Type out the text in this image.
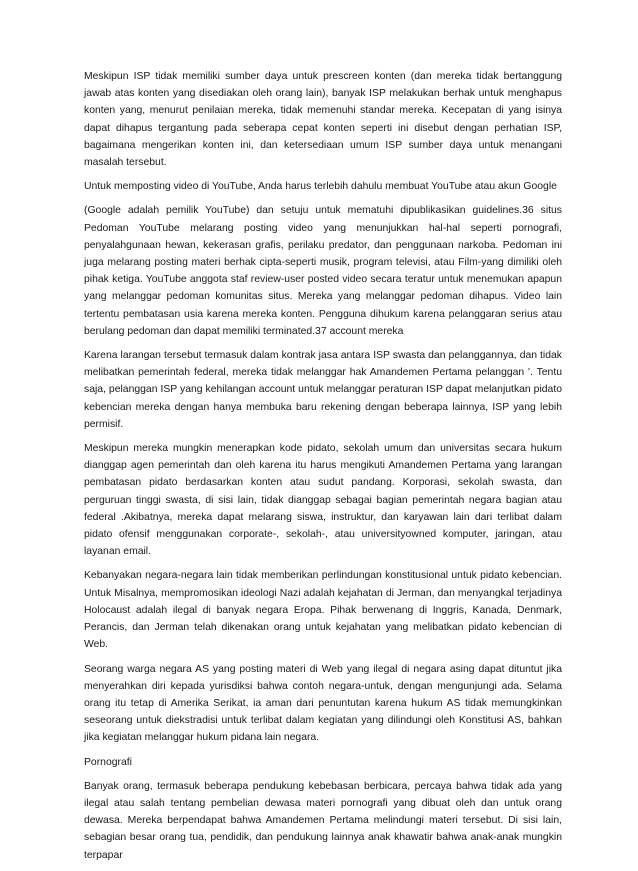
Meskipun ISP tidak memiliki sumber daya untuk prescreen konten (dan mereka tidak bertanggung jawab atas konten yang disediakan oleh orang lain), banyak ISP melakukan berhak untuk menghapus konten yang, menurut penilaian mereka, tidak memenuhi standar mereka. Kecepatan di yang isinya dapat dihapus tergantung pada seberapa cepat konten seperti ini disebut dengan perhatian ISP, bagaimana mengerikan konten ini, dan ketersediaan umum ISP sumber daya untuk menangani masalah tersebut.

Untuk memposting video di YouTube, Anda harus terlebih dahulu membuat YouTube atau akun Google

(Google adalah pemilik YouTube) dan setuju untuk mematuhi dipublikasikan guidelines.36 situs Pedoman YouTube melarang posting video yang menunjukkan hal-hal seperti pornografi, penyalahgunaan hewan, kekerasan grafis, perilaku predator, dan penggunaan narkoba. Pedoman ini juga melarang posting materi berhak cipta-seperti musik, program televisi, atau Film-yang dimiliki oleh pihak ketiga. YouTube anggota staf review-user posted video secara teratur untuk menemukan apapun yang melanggar pedoman komunitas situs. Mereka yang melanggar pedoman dihapus. Video lain tertentu pembatasan usia karena mereka konten. Pengguna dihukum karena pelanggaran serius atau berulang pedoman dan dapat memiliki terminated.37 account mereka

Karena larangan tersebut termasuk dalam kontrak jasa antara ISP swasta dan pelanggannya, dan tidak melibatkan pemerintah federal, mereka tidak melanggar hak Amandemen Pertama pelanggan '. Tentu saja, pelanggan ISP yang kehilangan account untuk melanggar peraturan ISP dapat melanjutkan pidato kebencian mereka dengan hanya membuka baru rekening dengan beberapa lainnya, ISP yang lebih permisif.

Meskipun mereka mungkin menerapkan kode pidato, sekolah umum dan universitas secara hukum dianggap agen pemerintah dan oleh karena itu harus mengikuti Amandemen Pertama yang larangan pembatasan pidato berdasarkan konten atau sudut pandang. Korporasi, sekolah swasta, dan perguruan tinggi swasta, di sisi lain, tidak dianggap sebagai bagian pemerintah negara bagian atau federal .Akibatnya, mereka dapat melarang siswa, instruktur, dan karyawan lain dari terlibat dalam pidato ofensif menggunakan corporate-, sekolah-, atau universityowned komputer, jaringan, atau layanan email.

Kebanyakan negara-negara lain tidak memberikan perlindungan konstitusional untuk pidato kebencian. Untuk Misalnya, mempromosikan ideologi Nazi adalah kejahatan di Jerman, dan menyangkal terjadinya Holocaust adalah ilegal di banyak negara Eropa. Pihak berwenang di Inggris, Kanada, Denmark, Perancis, dan Jerman telah dikenakan orang untuk kejahatan yang melibatkan pidato kebencian di Web.

Seorang warga negara AS yang posting materi di Web yang ilegal di negara asing dapat dituntut jika menyerahkan diri kepada yurisdiksi bahwa contoh negara-untuk, dengan mengunjungi ada. Selama orang itu tetap di Amerika Serikat, ia aman dari penuntutan karena hukum AS tidak memungkinkan seseorang untuk diekstradisi untuk terlibat dalam kegiatan yang dilindungi oleh Konstitusi AS, bahkan jika kegiatan melanggar hukum pidana lain negara.

Pornografi

Banyak orang, termasuk beberapa pendukung kebebasan berbicara, percaya bahwa tidak ada yang ilegal atau salah tentang pembelian dewasa materi pornografi yang dibuat oleh dan untuk orang dewasa. Mereka berpendapat bahwa Amandemen Pertama melindungi materi tersebut. Di sisi lain, sebagian besar orang tua, pendidik, dan pendukung lainnya anak khawatir bahwa anak-anak mungkin terpapar
